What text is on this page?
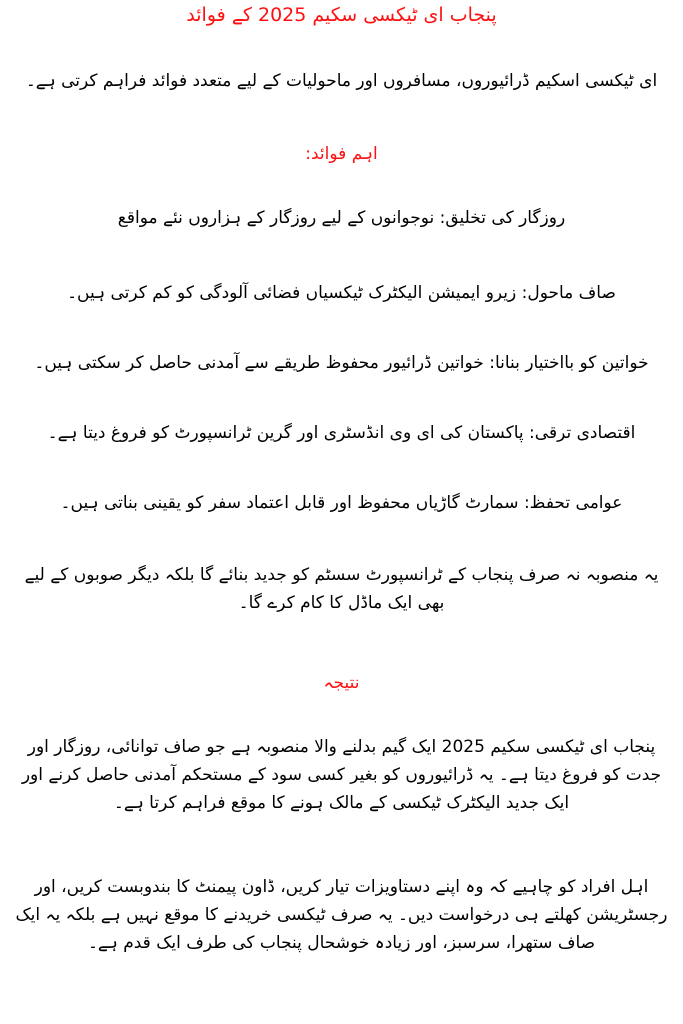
پنجاب ای ٹیکسی سکیم 2025 کے فوائد
ای ٹیکسی اسکیم ڈرائیوروں، مسافروں اور ماحولیات کے لیے متعدد فوائد فراہم کرتی ہے۔
اہم فوائد:
روزگار کی تخلیق: نوجوانوں کے لیے روزگار کے ہزاروں نئے مواقع
صاف ماحول: زیرو ایمیشن الیکٹرک ٹیکسیاں فضائی آلودگی کو کم کرتی ہیں۔
خواتین کو بااختیار بنانا: خواتین ڈرائیور محفوظ طریقے سے آمدنی حاصل کر سکتی ہیں۔
اقتصادی ترقی: پاکستان کی ای وی انڈسٹری اور گرین ٹرانسپورٹ کو فروغ دیتا ہے۔
عوامی تحفظ: سمارٹ گاڑیاں محفوظ اور قابل اعتماد سفر کو یقینی بناتی ہیں۔
یہ منصوبہ نہ صرف پنجاب کے ٹرانسپورٹ سسٹم کو جدید بنائے گا بلکہ دیگر صوبوں کے لیے بھی ایک ماڈل کا کام کرے گا۔
نتیجہ
پنجاب ای ٹیکسی سکیم 2025 ایک گیم بدلنے والا منصوبہ ہے جو صاف توانائی، روزگار اور جدت کو فروغ دیتا ہے۔ یہ ڈرائیوروں کو بغیر کسی سود کے مستحکم آمدنی حاصل کرنے اور ایک جدید الیکٹرک ٹیکسی کے مالک ہونے کا موقع فراہم کرتا ہے۔
اہل افراد کو چاہیے کہ وہ اپنے دستاویزات تیار کریں، ڈاون پیمنٹ کا بندوبست کریں، اور رجسٹریشن کھلتے ہی درخواست دیں۔ یہ صرف ٹیکسی خریدنے کا موقع نہیں ہے بلکہ یہ ایک صاف ستھرا، سرسبز، اور زیادہ خوشحال پنجاب کی طرف ایک قدم ہے۔
